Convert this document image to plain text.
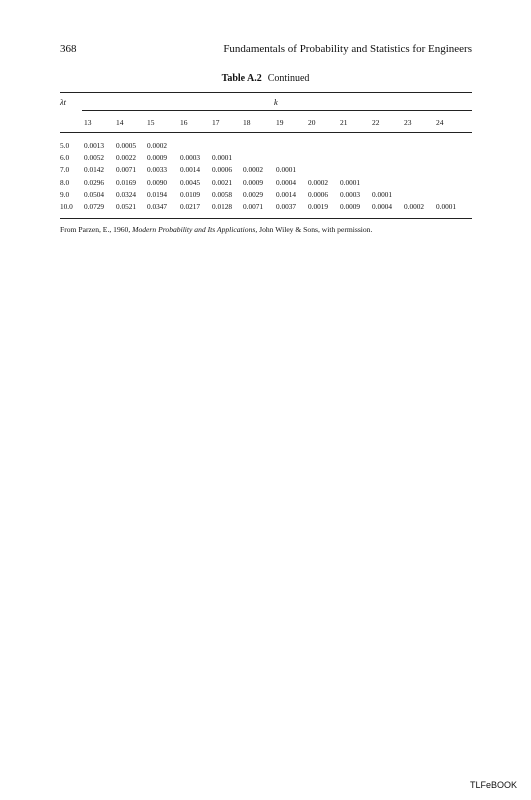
368	Fundamentals of Probability and Statistics for Engineers
Table A.2 Continued
λt	k
13	14	15	16	17	18	19	20	21	22	23	24
5.0 0.0013 0.0005 0.0002
6.0 0.0052 0.0022 0.0009 0.0003 0.0001
7.0 0.0142 0.0071 0.0033 0.0014 0.0006 0.0002 0.0001
8.0 0.0296 0.0169 0.0090 0.0045 0.0021 0.0009 0.0004 0.0002 0.0001
9.0 0.0504 0.0324 0.0194 0.0109 0.0058 0.0029 0.0014 0.0006 0.0003 0.0001
10.0 0.0729 0.0521 0.0347 0.0217 0.0128 0.0071 0.0037 0.0019 0.0009 0.0004 0.0002 0.0001
From Parzen, E., 1960, Modern Probability and Its Applications, John Wiley & Sons, with permission.
TLFeBOOK
